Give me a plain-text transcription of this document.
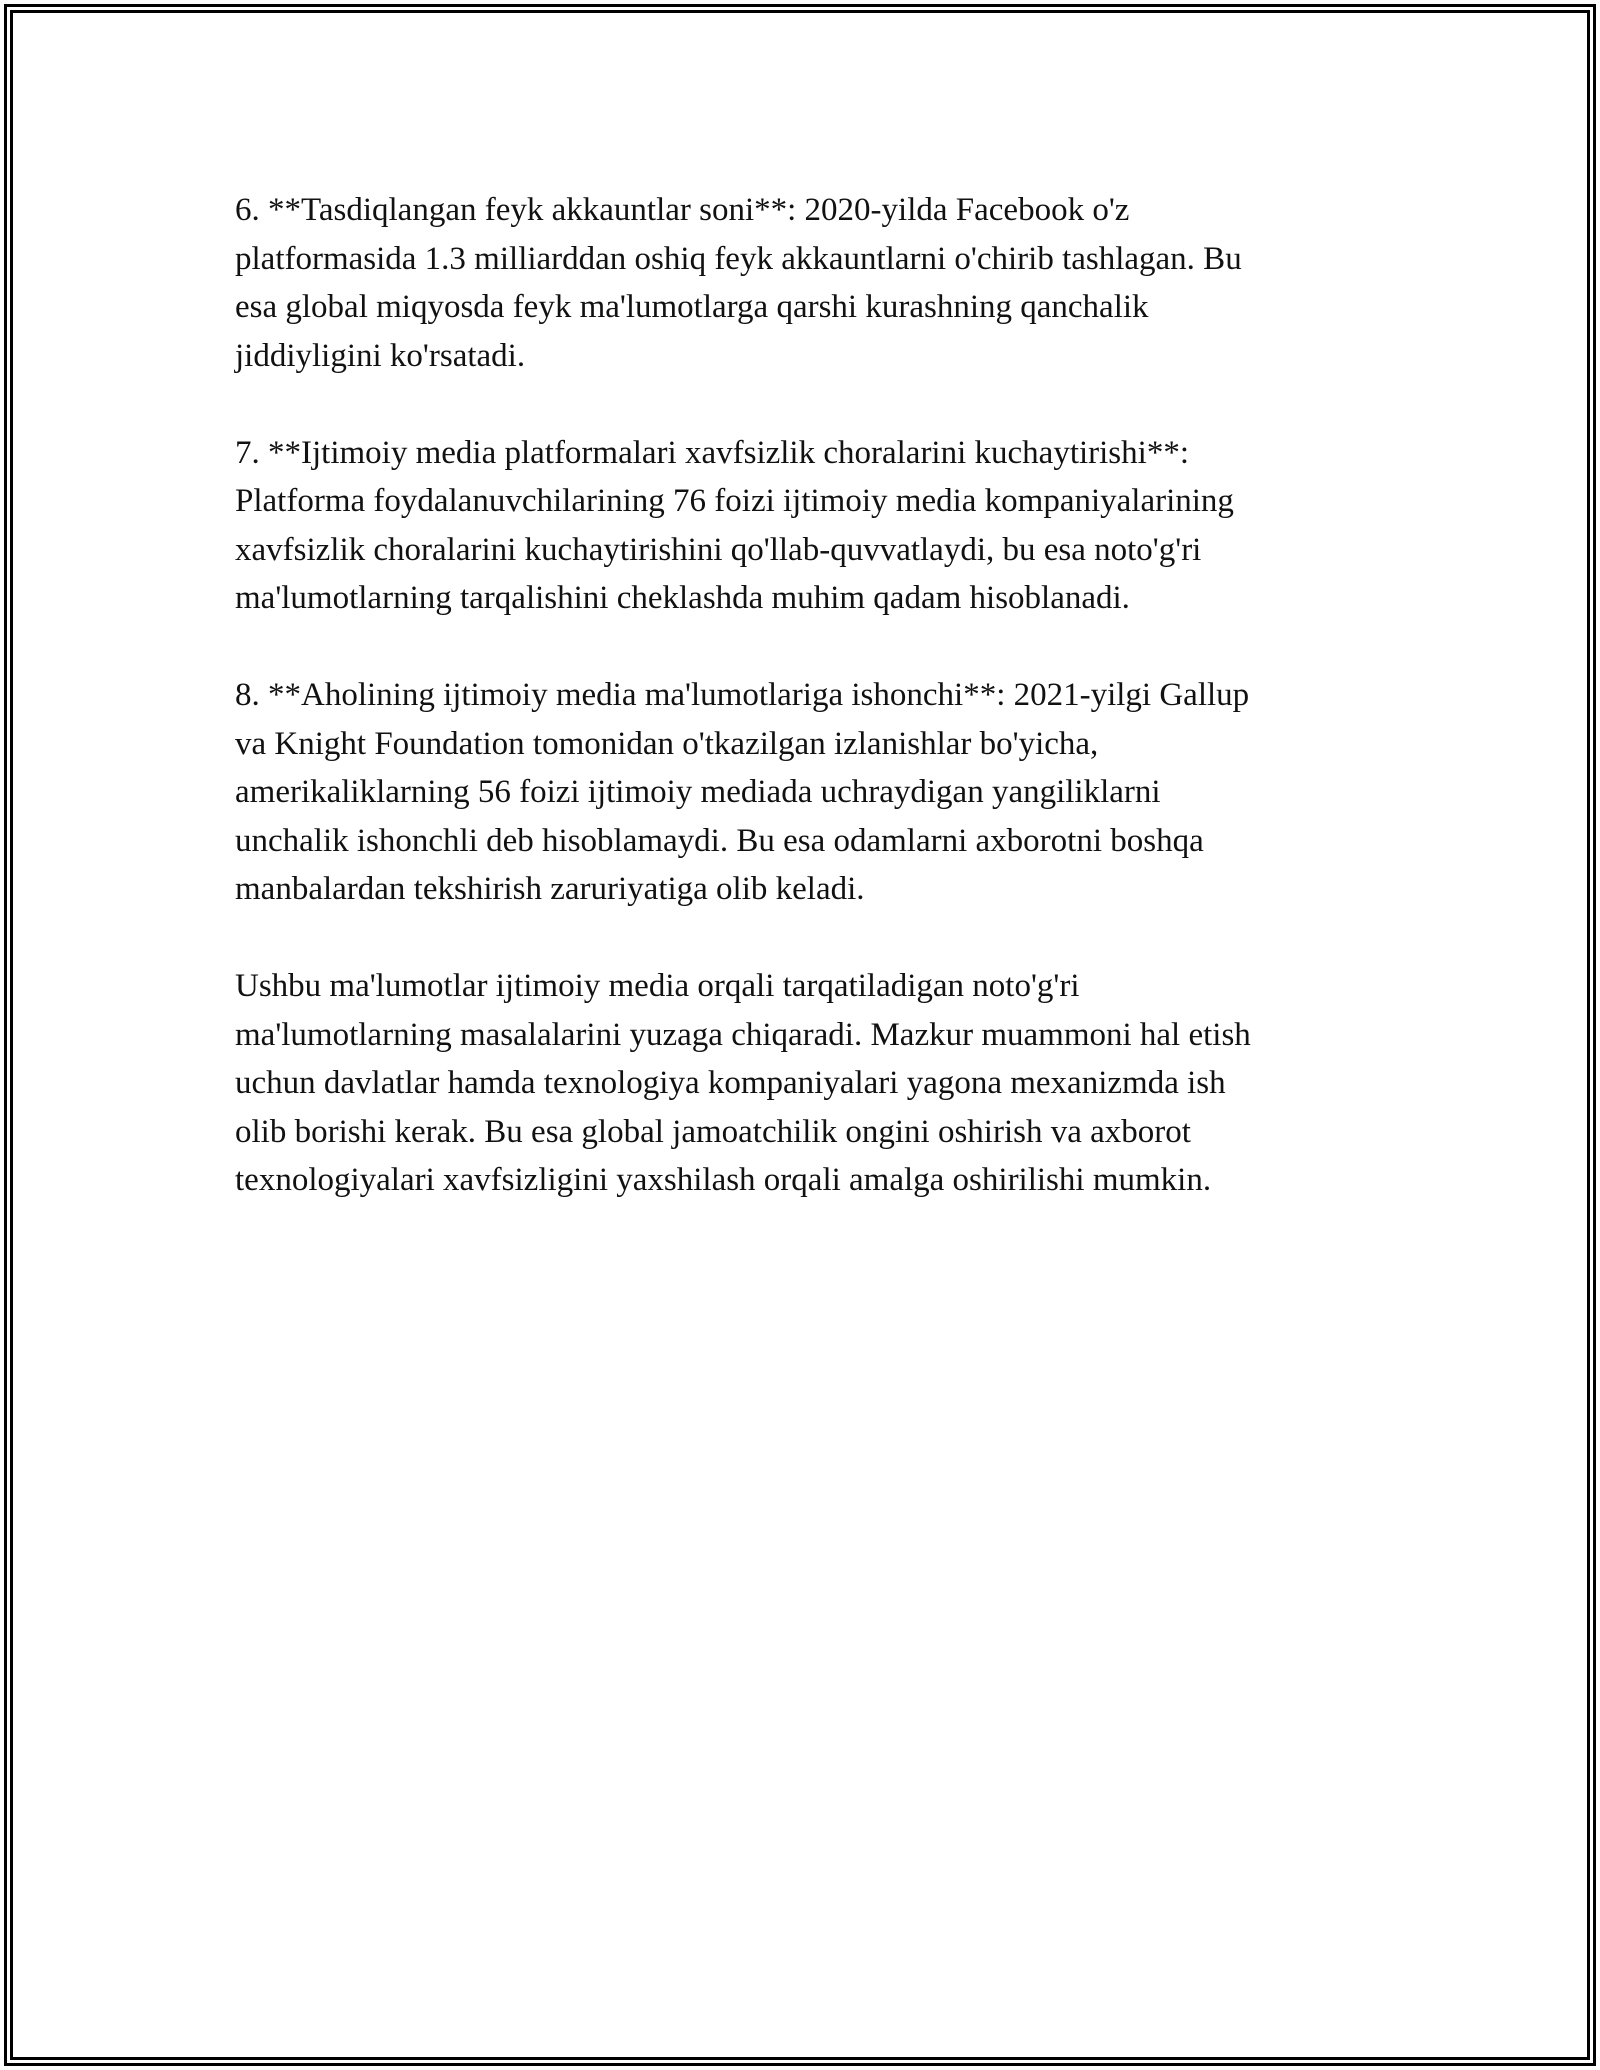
6. **Tasdiqlangan feyk akkauntlar soni**: 2020-yilda Facebook o'z
platformasida 1.3 milliarddan oshiq feyk akkauntlarni o'chirib tashlagan. Bu
esa global miqyosda feyk ma'lumotlarga qarshi kurashning qanchalik
jiddiyligini ko'rsatadi.

7. **Ijtimoiy media platformalari xavfsizlik choralarini kuchaytirishi**:
Platforma foydalanuvchilarining 76 foizi ijtimoiy media kompaniyalarining
xavfsizlik choralarini kuchaytirishini qo'llab-quvvatlaydi, bu esa noto'g'ri
ma'lumotlarning tarqalishini cheklashda muhim qadam hisoblanadi.

8. **Aholining ijtimoiy media ma'lumotlariga ishonchi**: 2021-yilgi Gallup
va Knight Foundation tomonidan o'tkazilgan izlanishlar bo'yicha,
amerikaliklarning 56 foizi ijtimoiy mediada uchraydigan yangiliklarni
unchalik ishonchli deb hisoblamaydi. Bu esa odamlarni axborotni boshqa
manbalardan tekshirish zaruriyatiga olib keladi.

Ushbu ma'lumotlar ijtimoiy media orqali tarqatiladigan noto'g'ri
ma'lumotlarning masalalarini yuzaga chiqaradi. Mazkur muammoni hal etish
uchun davlatlar hamda texnologiya kompaniyalari yagona mexanizmda ish
olib borishi kerak. Bu esa global jamoatchilik ongini oshirish va axborot
texnologiyalari xavfsizligini yaxshilash orqali amalga oshirilishi mumkin.
